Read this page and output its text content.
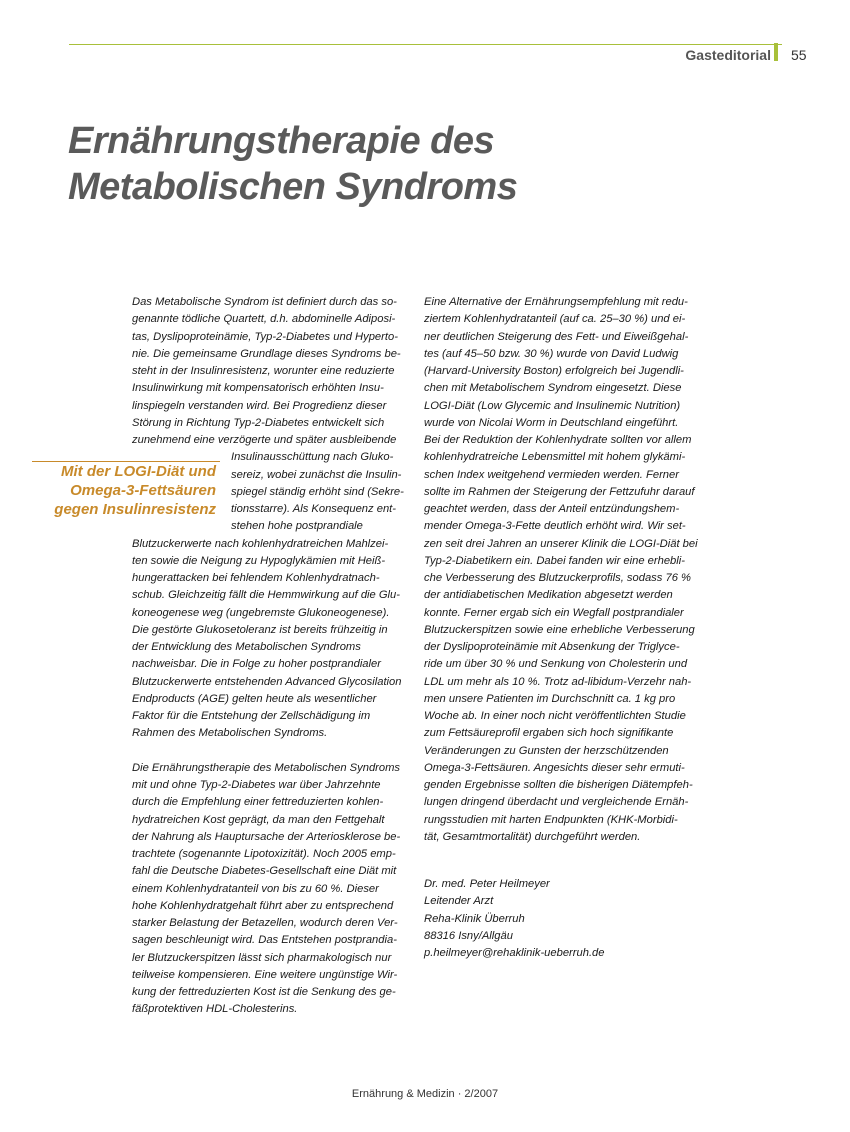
Gasteditorial 55
Ernährungstherapie des
Metabolischen Syndroms
Mit der LOGI-Diät und
Omega-3-Fettsäuren
gegen Insulinresistenz
Das Metabolische Syndrom ist definiert durch das so-
genannte tödliche Quartett, d.h. abdominelle Adiposi-
tas, Dyslipoproteinämie, Typ-2-Diabetes und Hyperto-
nie. Die gemeinsame Grundlage dieses Syndroms be-
steht in der Insulinresistenz, worunter eine reduzierte
Insulinwirkung mit kompensatorisch erhöhten Insu-
linspiegeln verstanden wird. Bei Progredienz dieser
Störung in Richtung Typ-2-Diabetes entwickelt sich
zunehmend eine verzögerte und später ausbleibende
Insulinausschüttung nach Gluko-
sereiz, wobei zunächst die Insulin-
spiegel ständig erhöht sind (Sekre-
tionsstarre). Als Konsequenz ent-
stehen hohe postprandiale
Blutzuckerwerte nach kohlenhydratreichen Mahlzei-
ten sowie die Neigung zu Hypoglykämien mit Heiß-
hungerattacken bei fehlendem Kohlenhydratnach-
schub. Gleichzeitig fällt die Hemmwirkung auf die Glu-
koneogenese weg (ungebremste Glukoneogenese).
Die gestörte Glukosetoleranz ist bereits frühzeitig in
der Entwicklung des Metabolischen Syndroms
nachweisbar. Die in Folge zu hoher postprandialer
Blutzuckerwerte entstehenden Advanced Glycosilation
Endproducts (AGE) gelten heute als wesentlicher
Faktor für die Entstehung der Zellschädigung im
Rahmen des Metabolischen Syndroms.
Die Ernährungstherapie des Metabolischen Syndroms
mit und ohne Typ-2-Diabetes war über Jahrzehnte
durch die Empfehlung einer fettreduzierten kohlen-
hydratreichen Kost geprägt, da man den Fettgehalt
der Nahrung als Hauptursache der Arteriosklerose be-
trachtete (sogenannte Lipotoxizität). Noch 2005 emp-
fahl die Deutsche Diabetes-Gesellschaft eine Diät mit
einem Kohlenhydratanteil von bis zu 60 %. Dieser
hohe Kohlenhydratgehalt führt aber zu entsprechend
starker Belastung der Betazellen, wodurch deren Ver-
sagen beschleunigt wird. Das Entstehen postprandia-
ler Blutzuckerspitzen lässt sich pharmakologisch nur
teilweise kompensieren. Eine weitere ungünstige Wir-
kung der fettreduzierten Kost ist die Senkung des ge-
fäßprotektiven HDL-Cholesterins.
Eine Alternative der Ernährungsempfehlung mit redu-
ziertem Kohlenhydratanteil (auf ca. 25–30 %) und ei-
ner deutlichen Steigerung des Fett- und Eiweißgehal-
tes (auf 45–50 bzw. 30 %) wurde von David Ludwig
(Harvard-University Boston) erfolgreich bei Jugendli-
chen mit Metabolischem Syndrom eingesetzt. Diese
LOGI-Diät (Low Glycemic and Insulinemic Nutrition)
wurde von Nicolai Worm in Deutschland eingeführt.
Bei der Reduktion der Kohlenhydrate sollten vor allem
kohlenhydratreiche Lebensmittel mit hohem glykämi-
schen Index weitgehend vermieden werden. Ferner
sollte im Rahmen der Steigerung der Fettzufuhr darauf
geachtet werden, dass der Anteil entzündungshem-
mender Omega-3-Fette deutlich erhöht wird. Wir set-
zen seit drei Jahren an unserer Klinik die LOGI-Diät bei
Typ-2-Diabetikern ein. Dabei fanden wir eine erhebli-
che Verbesserung des Blutzuckerprofils, sodass 76 %
der antidiabetischen Medikation abgesetzt werden
konnte. Ferner ergab sich ein Wegfall postprandialer
Blutzuckerspitzen sowie eine erhebliche Verbesserung
der Dyslipoproteinämie mit Absenkung der Triglyce-
ride um über 30 % und Senkung von Cholesterin und
LDL um mehr als 10 %. Trotz ad-libidum-Verzehr nah-
men unsere Patienten im Durchschnitt ca. 1 kg pro
Woche ab. In einer noch nicht veröffentlichten Studie
zum Fettsäureprofil ergaben sich hoch signifikante
Veränderungen zu Gunsten der herzschützenden
Omega-3-Fettsäuren. Angesichts dieser sehr ermuti-
genden Ergebnisse sollten die bisherigen Diätempfeh-
lungen dringend überdacht und vergleichende Ernäh-
rungsstudien mit harten Endpunkten (KHK-Morbidi-
tät, Gesamtmortalität) durchgeführt werden.
Dr. med. Peter Heilmeyer
Leitender Arzt
Reha-Klinik Überruh
88316 Isny/Allgäu
p.heilmeyer@rehaklinik-ueberruh.de
Ernährung & Medizin · 2/2007
